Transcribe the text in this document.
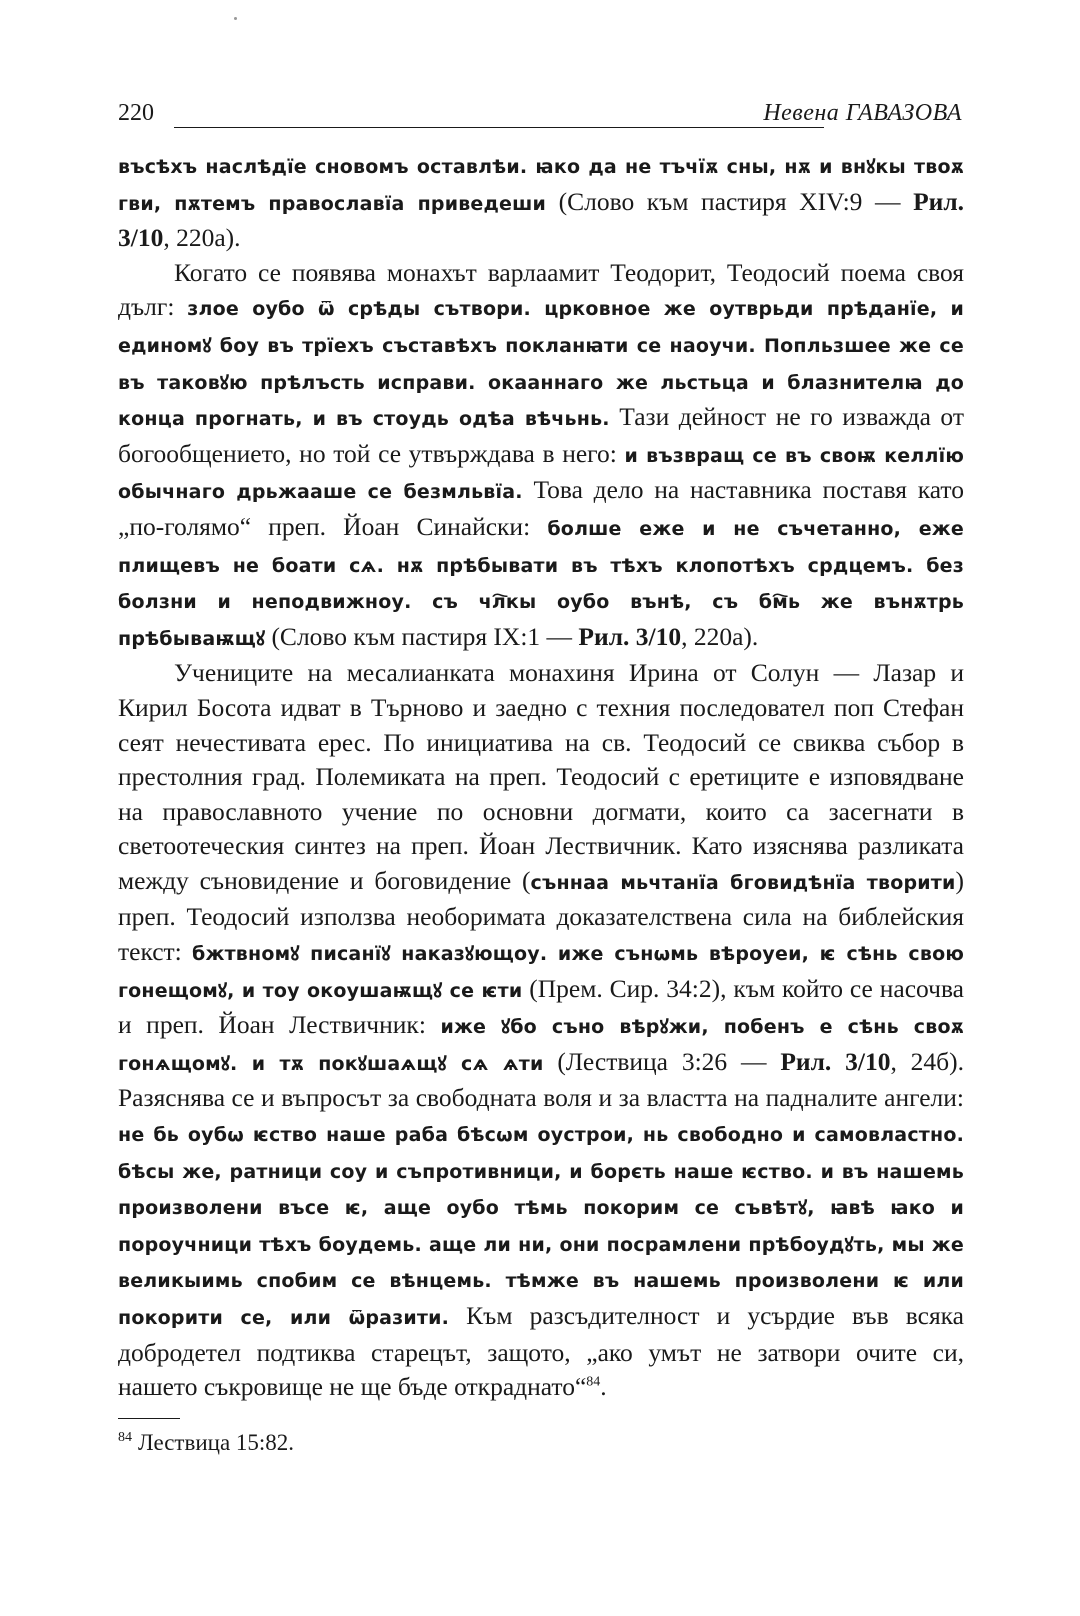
220	Невена ГАВАЗОВА

въсѣхъ наслѣдїе сновомъ оставлѣи. ꙗко да не тъчїѫ сны, нѫ и внꙋкы твоѫ гви, пѫтемъ православїа приведеши (Слово към пастиря XIV:9 — Рил. 3/10, 220а).

Когато се появява монахът варлаамит Теодорит, Теодосий поема своя дълг: злое оубо ѿ срѣды сътвори. црковное же оутврьди прѣданїе, и единомꙋ боу въ трїехъ съставѣхъ покланꙗти се наоучи. Попльзшее же се въ таковꙋю прѣлъсть исправи. окааннаго же льстьца и блазнителꙗ до конца прогнать, и въ стоудь одѣа вѣчьнь. Тази дейност не го изважда от богообщението, но той се утвърждава в него: и възвращ се въ своѭ келлїю обычнаго дрьжааше се безмльвїа. Това дело на наставника поставя като „по-голямо“ преп. Йоан Синайски: болше еже и не съчетанно, еже плищевъ не боати сѧ. нѫ прѣбывати въ тѣхъ клопотѣхъ срдцемъ. без болзни и неподвижноу. съ чл҇кы оубо вънѣ, съ бм҇ь же вънѫтрь прѣбываѭщꙋ (Слово към пастиря IX:1 — Рил. 3/10, 220а).

Учениците на месалианката монахиня Ирина от Солун — Лазар и Кирил Босота идват в Търново и заедно с техния последовател поп Стефан сеят нечестивата ерес. По инициатива на св. Теодосий се свиква събор в престолния град. Полемиката на преп. Теодосий с еретиците е изповядване на православното учение по основни догмати, които са засегнати в светоотеческия синтез на преп. Йоан Лествичник. Като изяснява разликата между съновидение и боговидение (съннаа мьчтанїа бговидѣнїа творити) преп. Теодосий използва необоримата доказателствена сила на библейския текст: бжтвномꙋ писанїꙋ наказꙋющоу. иже сънωмь вѣроуеи, ѥ сѣнь свою гонещомꙋ, и тоу окоушаѭщꙋ се ѥти (Прем. Сир. 34:2), към който се насочва и преп. Йоан Лествичник: иже ꙋбо съно вѣрꙋжи, побенъ е сѣнь своѫ гонѧщомꙋ. и тѫ покꙋшаѧщꙋ сѧ ѧти (Лествица 3:26 — Рил. 3/10, 24б). Разяснява се и въпросът за свободната воля и за властта на падналите ангели: не бь оубω ѥство наше раба бѣсωм оустрои, нь свободно и самовластно. бѣсы же, ратници соу и съпротивници, и борєть наше ѥство. и въ нашемь произволени въсе ѥ, аще оубо тѣмь покорим се съвѣтꙋ, ꙗвѣ ꙗко и пороучници тѣхъ боудемь. аще ли ни, они посрамлени прѣбоудꙋть, мы же великыимь спобим се вѣнцемь. тѣмже въ нашемь произволени ѥ или покорити се, или ѿразити. Към разсъдителност и усърдие във всяка добродетел подтиква старецът, защото, „ако умът не затвори очите си, нашето съкровище не ще бъде откраднато“$^{84}$.

$^{84}$ Лествица 15:82.
